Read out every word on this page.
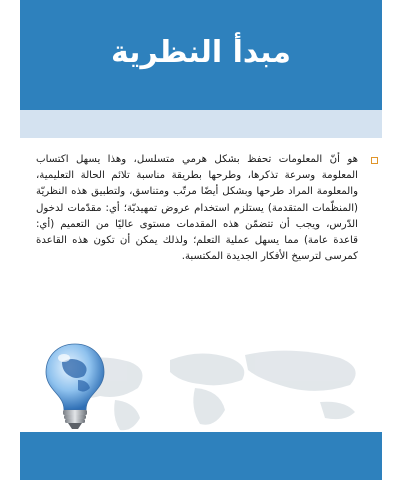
مبدأ النظرية
هو أنّ المعلومات تحفظ بشكل هرمي متسلسل، وهذا يسهل اكتساب المعلومة وسرعة تذكرها، وطرحها بطريقة مناسبة تلائم الحالة التعليمية، والمعلومة المراد طرحها وبشكل أيضًا مرتّب ومتناسق، ولتطبيق هذه النظريّة (المنظّمات المتقدمة) يستلزم استخدام عروض تمهيديّة؛ أي: مقدّمات لدخول الدّرس، ويجب أن تتضمّن هذه المقدمات مستوى عاليًا من التعميم (أي: قاعدة عامة) مما يسهل عملية التعلم؛ ولذلك يمكن أن تكون هذه القاعدة كمرسى لترسيخ الأفكار الجديدة المكتسبة.
